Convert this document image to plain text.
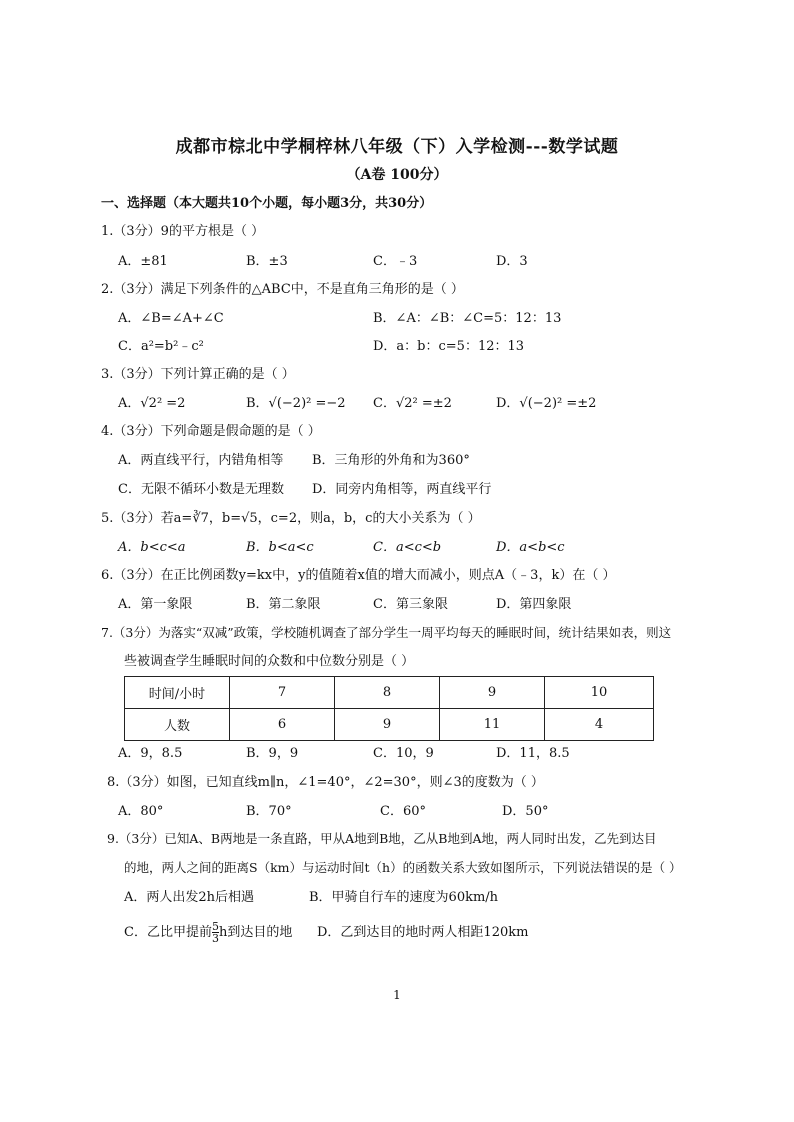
成都市棕北中学桐梓林八年级（下）入学检测---数学试题
（A卷 100分）
一、选择题（本大题共10个小题，每小题3分，共30分）
1.（3分）9的平方根是（ ）
A．±81	B．±3	C．﹣3	D．3
2.（3分）满足下列条件的△ABC中，不是直角三角形的是（ ）
A．∠B=∠A+∠C	B．∠A：∠B：∠C=5：12：13
C．a²=b²﹣c²	D．a：b：c=5：12：13
3.（3分）下列计算正确的是（ ）
A．√2² =2	B．√(−2)² =−2 C．√2² =±2	D．√(−2)² =±2
4.（3分）下列命题是假命题的是（ ）
A．两直线平行，内错角相等 B．三角形的外角和为360°
C．无限不循环小数是无理数 D．同旁内角相等，两直线平行
5.（3分）若a=∛7，b=√5，c=2，则a，b，c的大小关系为（ ）
A．b<c<a	B．b<a<c	C．a<c<b	D．a<b<c
6.（3分）在正比例函数y=kx中，y的值随着x值的增大而减小，则点A（﹣3，k）在（ ）
A．第一象限	B．第二象限	C．第三象限	D．第四象限
7.（3分）为落实“双减”政策，学校随机调查了部分学生一周平均每天的睡眠时间，统计结果如表，则这
些被调查学生睡眠时间的众数和中位数分别是（ ）
时间/小时	7	8	9	10
人数	6	9	11	4
A．9，8.5	B．9，9	C．10，9	D．11，8.5
8.（3分）如图，已知直线m∥n，∠1=40°，∠2=30°，则∠3的度数为（ ）
A．80°	B．70°	C．60°	D．50°
9.（3分）已知A、B两地是一条直路，甲从A地到B地，乙从B地到A地，两人同时出发，乙先到达目
的地，两人之间的距离S（km）与运动时间t（h）的函数关系大致如图所示，下列说法错误的是（ ）
A．两人出发2h后相遇	B．甲骑自行车的速度为60km/h
C．乙比甲提前 $\frac{5}{3}$ h到达目的地 D．乙到达目的地时两人相距120km
1
